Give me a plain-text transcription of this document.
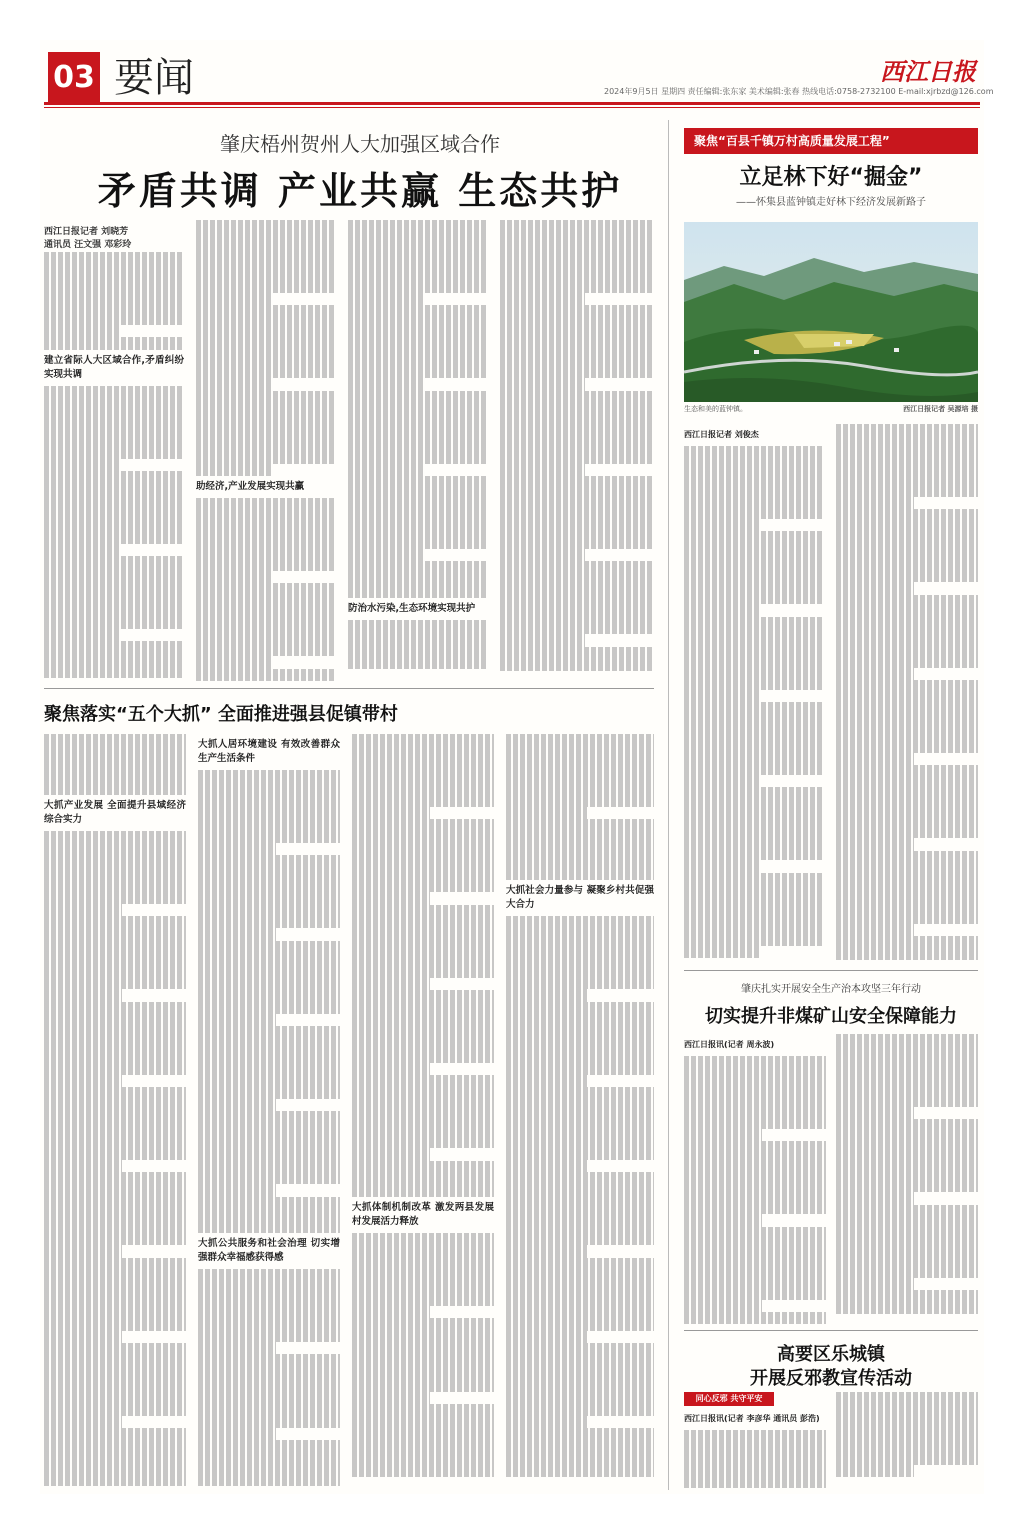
03 要闻	2024年9月5日 星期四 责任编辑:张东家 美术编辑:张春 热线电话:0758-2732100 E-mail:xjrbzd@126.com
西江日报
肇庆梧州贺州人大加强区域合作
矛盾共调 产业共赢 生态共护
西江日报记者 刘晓芳
通讯员 汪文强 邓彩玲
建立省际人大区域合作,矛盾纠纷实现共调
助经济,产业发展实现共赢
防治水污染,生态环境实现共护
聚焦落实“五个大抓” 全面推进强县促镇带村
大抓产业发展 全面提升县域经济综合实力
大抓人居环境建设 有效改善群众生产生活条件
大抓公共服务和社会治理 切实增强群众幸福感获得感
大抓体制机制改革 激发两县发展村发展活力释放
大抓社会力量参与 凝聚乡村共促强大合力
聚焦“百县千镇万村高质量发展工程”
立足林下好“掘金”
——怀集县蓝钟镇走好林下经济发展新路子
生态和美的蓝钟镇。	西江日报记者 吴源培 摄
西江日报记者 刘俊杰
肇庆扎实开展安全生产治本攻坚三年行动
切实提升非煤矿山安全保障能力
西江日报讯(记者 周永波)
高要区乐城镇
开展反邪教宣传活动
同心反邪 共守平安
西江日报讯(记者 李彦华 通讯员 彭浩)
